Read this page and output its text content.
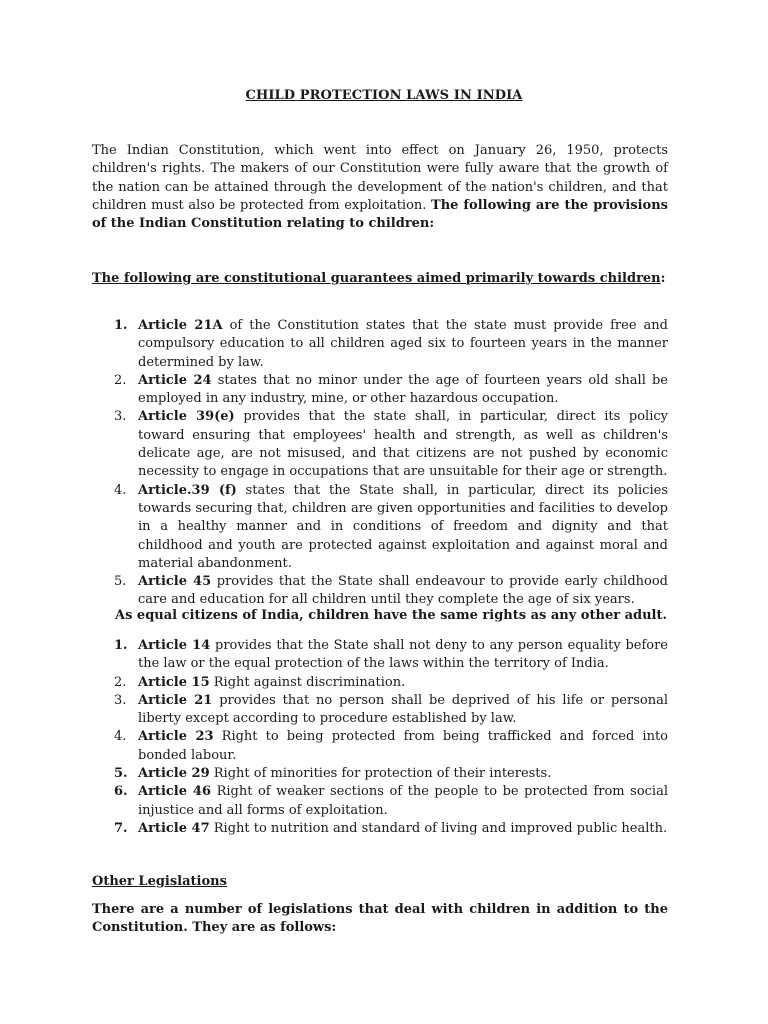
CHILD PROTECTION LAWS IN INDIA
The Indian Constitution, which went into effect on January 26, 1950, protects children's rights. The makers of our Constitution were fully aware that the growth of the nation can be attained through the development of the nation's children, and that children must also be protected from exploitation. The following are the provisions of the Indian Constitution relating to children:
The following are constitutional guarantees aimed primarily towards children:
1. Article 21A of the Constitution states that the state must provide free and compulsory education to all children aged six to fourteen years in the manner determined by law.
2. Article 24 states that no minor under the age of fourteen years old shall be employed in any industry, mine, or other hazardous occupation.
3. Article 39(e) provides that the state shall, in particular, direct its policy toward ensuring that employees' health and strength, as well as children's delicate age, are not misused, and that citizens are not pushed by economic necessity to engage in occupations that are unsuitable for their age or strength.
4. Article.39 (f) states that the State shall, in particular, direct its policies towards securing that, children are given opportunities and facilities to develop in a healthy manner and in conditions of freedom and dignity and that childhood and youth are protected against exploitation and against moral and material abandonment.
5. Article 45 provides that the State shall endeavour to provide early childhood care and education for all children until they complete the age of six years.
As equal citizens of India, children have the same rights as any other adult.
1. Article 14 provides that the State shall not deny to any person equality before the law or the equal protection of the laws within the territory of India.
2. Article 15 Right against discrimination.
3. Article 21 provides that no person shall be deprived of his life or personal liberty except according to procedure established by law.
4. Article 23 Right to being protected from being trafficked and forced into bonded labour.
5. Article 29 Right of minorities for protection of their interests.
6. Article 46 Right of weaker sections of the people to be protected from social injustice and all forms of exploitation.
7. Article 47 Right to nutrition and standard of living and improved public health.
Other Legislations
There are a number of legislations that deal with children in addition to the Constitution. They are as follows:
